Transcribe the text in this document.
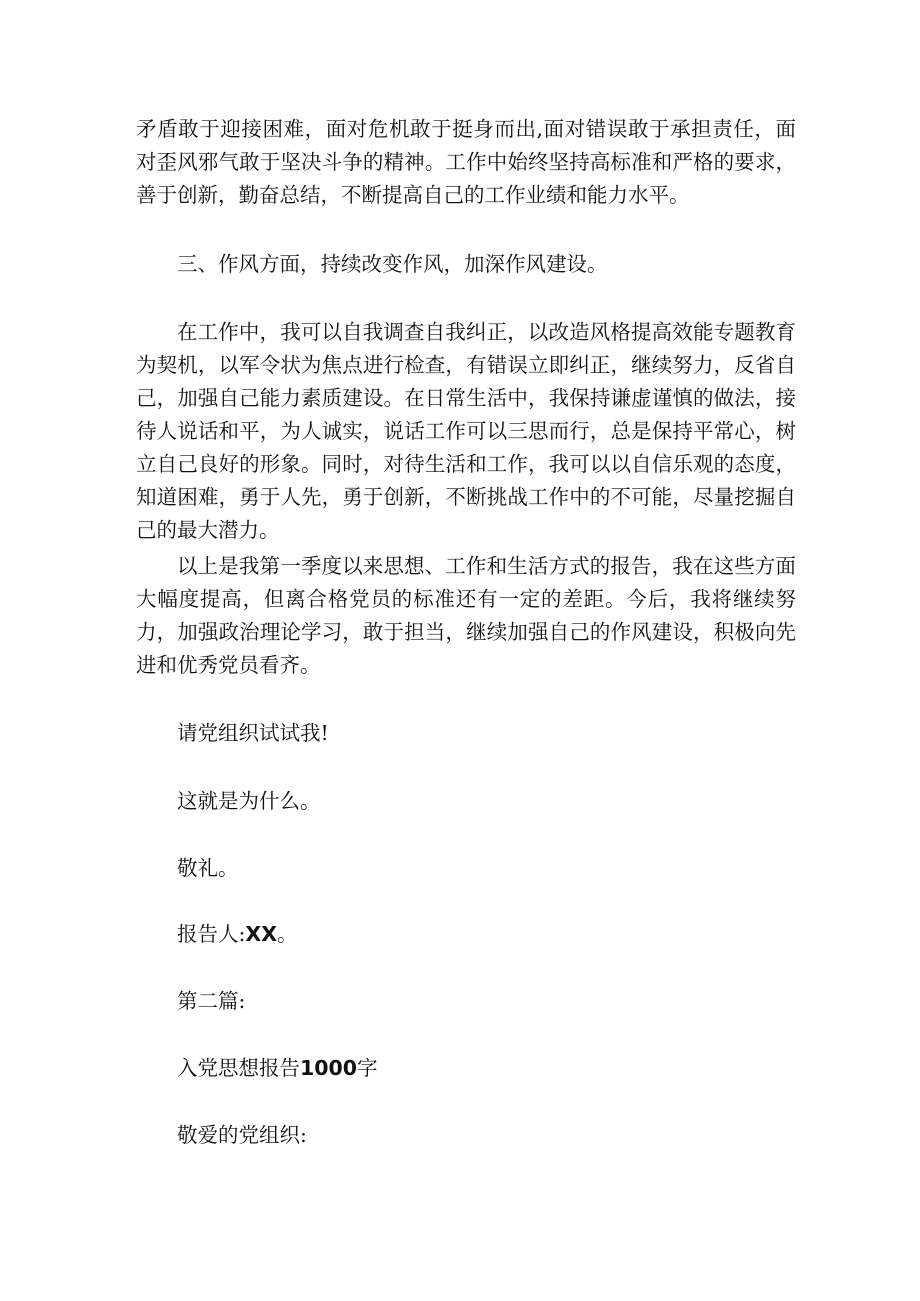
矛盾敢于迎接困难，面对危机敢于挺身而出,面对错误敢于承担责任，面对歪风邪气敢于坚决斗争的精神。工作中始终坚持高标准和严格的要求，善于创新，勤奋总结，不断提高自己的工作业绩和能力水平。

三、作风方面，持续改变作风，加深作风建设。

在工作中，我可以自我调查自我纠正，以改造风格提高效能专题教育为契机，以军令状为焦点进行检查，有错误立即纠正，继续努力，反省自己，加强自己能力素质建设。在日常生活中，我保持谦虚谨慎的做法，接待人说话和平，为人诚实，说话工作可以三思而行，总是保持平常心，树立自己良好的形象。同时，对待生活和工作，我可以以自信乐观的态度，知道困难，勇于人先，勇于创新，不断挑战工作中的不可能，尽量挖掘自己的最大潜力。

以上是我第一季度以来思想、工作和生活方式的报告，我在这些方面大幅度提高，但离合格党员的标准还有一定的差距。今后，我将继续努力，加强政治理论学习，敢于担当，继续加强自己的作风建设，积极向先进和优秀党员看齐。

请党组织试试我!

这就是为什么。

敬礼。

报告人:XX。

第二篇:

入党思想报告1000字

敬爱的党组织:
